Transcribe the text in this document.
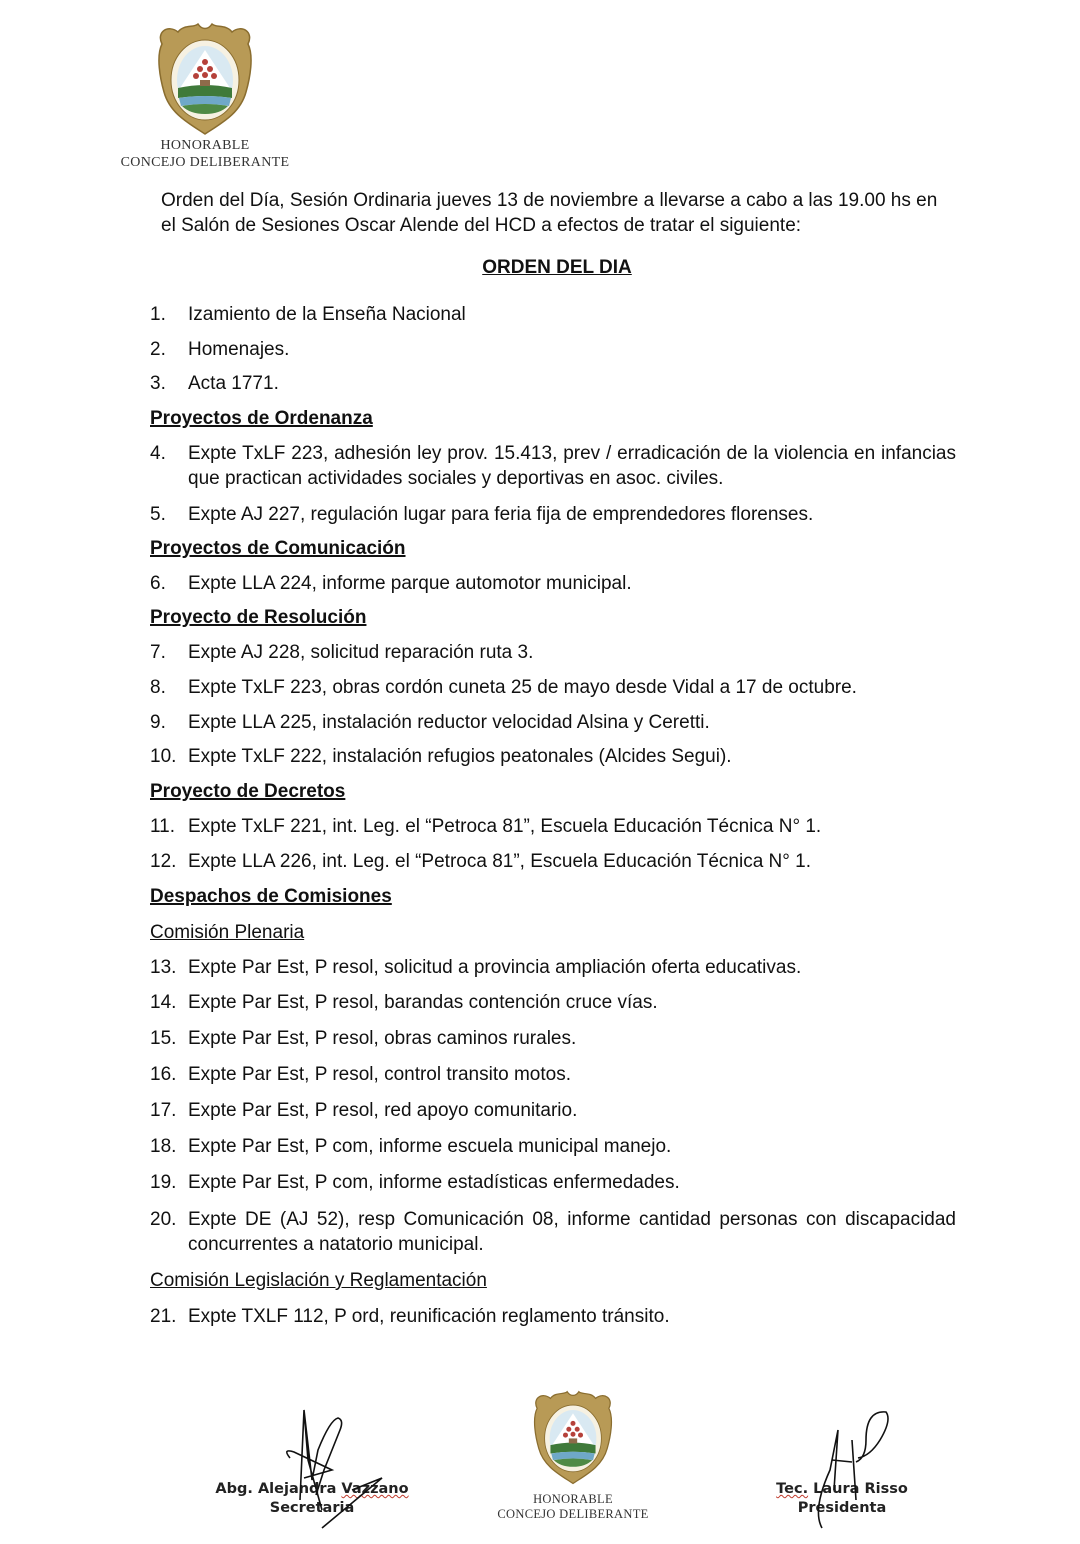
HONORABLE
CONCEJO DELIBERANTE
Orden del Día, Sesión Ordinaria jueves 13 de noviembre a llevarse a cabo a las 19.00 hs en el Salón de Sesiones Oscar Alende del HCD a efectos de tratar el siguiente:
ORDEN DEL DIA
1.	Izamiento de la Enseña Nacional
2.	Homenajes.
3.	Acta 1771.
Proyectos de Ordenanza
4.	Expte TxLF 223, adhesión ley prov. 15.413, prev / erradicación de la violencia en infancias que practican actividades sociales y deportivas en asoc. civiles.
5.	Expte AJ 227, regulación lugar para feria fija de emprendedores florenses.
Proyectos de Comunicación
6.	Expte LLA 224, informe parque automotor municipal.
Proyecto de Resolución
7.	Expte AJ 228, solicitud reparación ruta 3.
8.	Expte TxLF 223, obras cordón cuneta 25 de mayo desde Vidal a 17 de octubre.
9.	Expte LLA 225, instalación reductor velocidad Alsina y Ceretti.
10. Expte TxLF 222, instalación refugios peatonales (Alcides Segui).
Proyecto de Decretos
11. Expte TxLF 221, int. Leg. el “Petroca 81”, Escuela Educación Técnica N° 1.
12. Expte LLA 226, int. Leg. el “Petroca 81”, Escuela Educación Técnica N° 1.
Despachos de Comisiones
Comisión Plenaria
13. Expte Par Est, P resol, solicitud a provincia ampliación oferta educativas.
14. Expte Par Est, P resol, barandas contención cruce vías.
15. Expte Par Est, P resol, obras caminos rurales.
16. Expte Par Est, P resol, control transito motos.
17. Expte Par Est, P resol, red apoyo comunitario.
18. Expte Par Est, P com, informe escuela municipal manejo.
19. Expte Par Est, P com, informe estadísticas enfermedades.
20. Expte DE (AJ 52), resp Comunicación 08, informe cantidad personas con discapacidad concurrentes a natatorio municipal.
Comisión Legislación y Reglamentación
21. Expte TXLF 112, P ord, reunificación reglamento tránsito.
Abg. Alejandra Vazzano
Secretaria
HONORABLE
CONCEJO DELIBERANTE
Tec. Laura Risso
Presidenta
